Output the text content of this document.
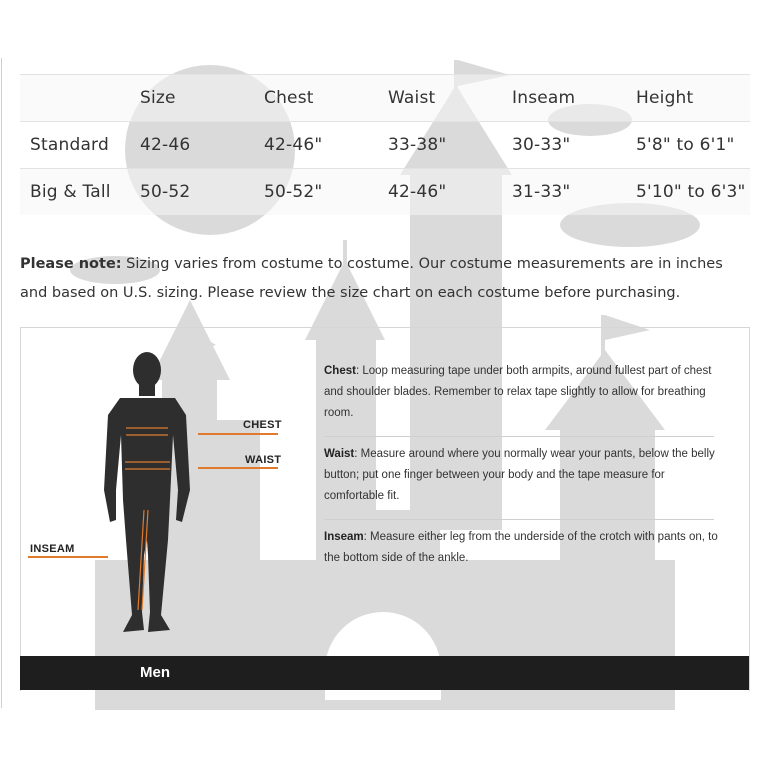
	Size	Chest	Waist	Inseam	Height
Standard	42-46	42-46"	33-38"	30-33"	5'8" to 6'1"
Big & Tall	50-52	50-52"	42-46"	31-33"	5'10" to 6'3"
Please note: Sizing varies from costume to costume. Our costume measurements are in inches and based on U.S. sizing. Please review the size chart on each costume before purchasing.
CHEST
WAIST
INSEAM
Chest: Loop measuring tape under both armpits, around fullest part of chest and shoulder blades. Remember to relax tape slightly to allow for breathing room.
Waist: Measure around where you normally wear your pants, below the belly button; put one finger between your body and the tape measure for comfortable fit.
Inseam: Measure either leg from the underside of the crotch with pants on, to the bottom side of the ankle.
Men
